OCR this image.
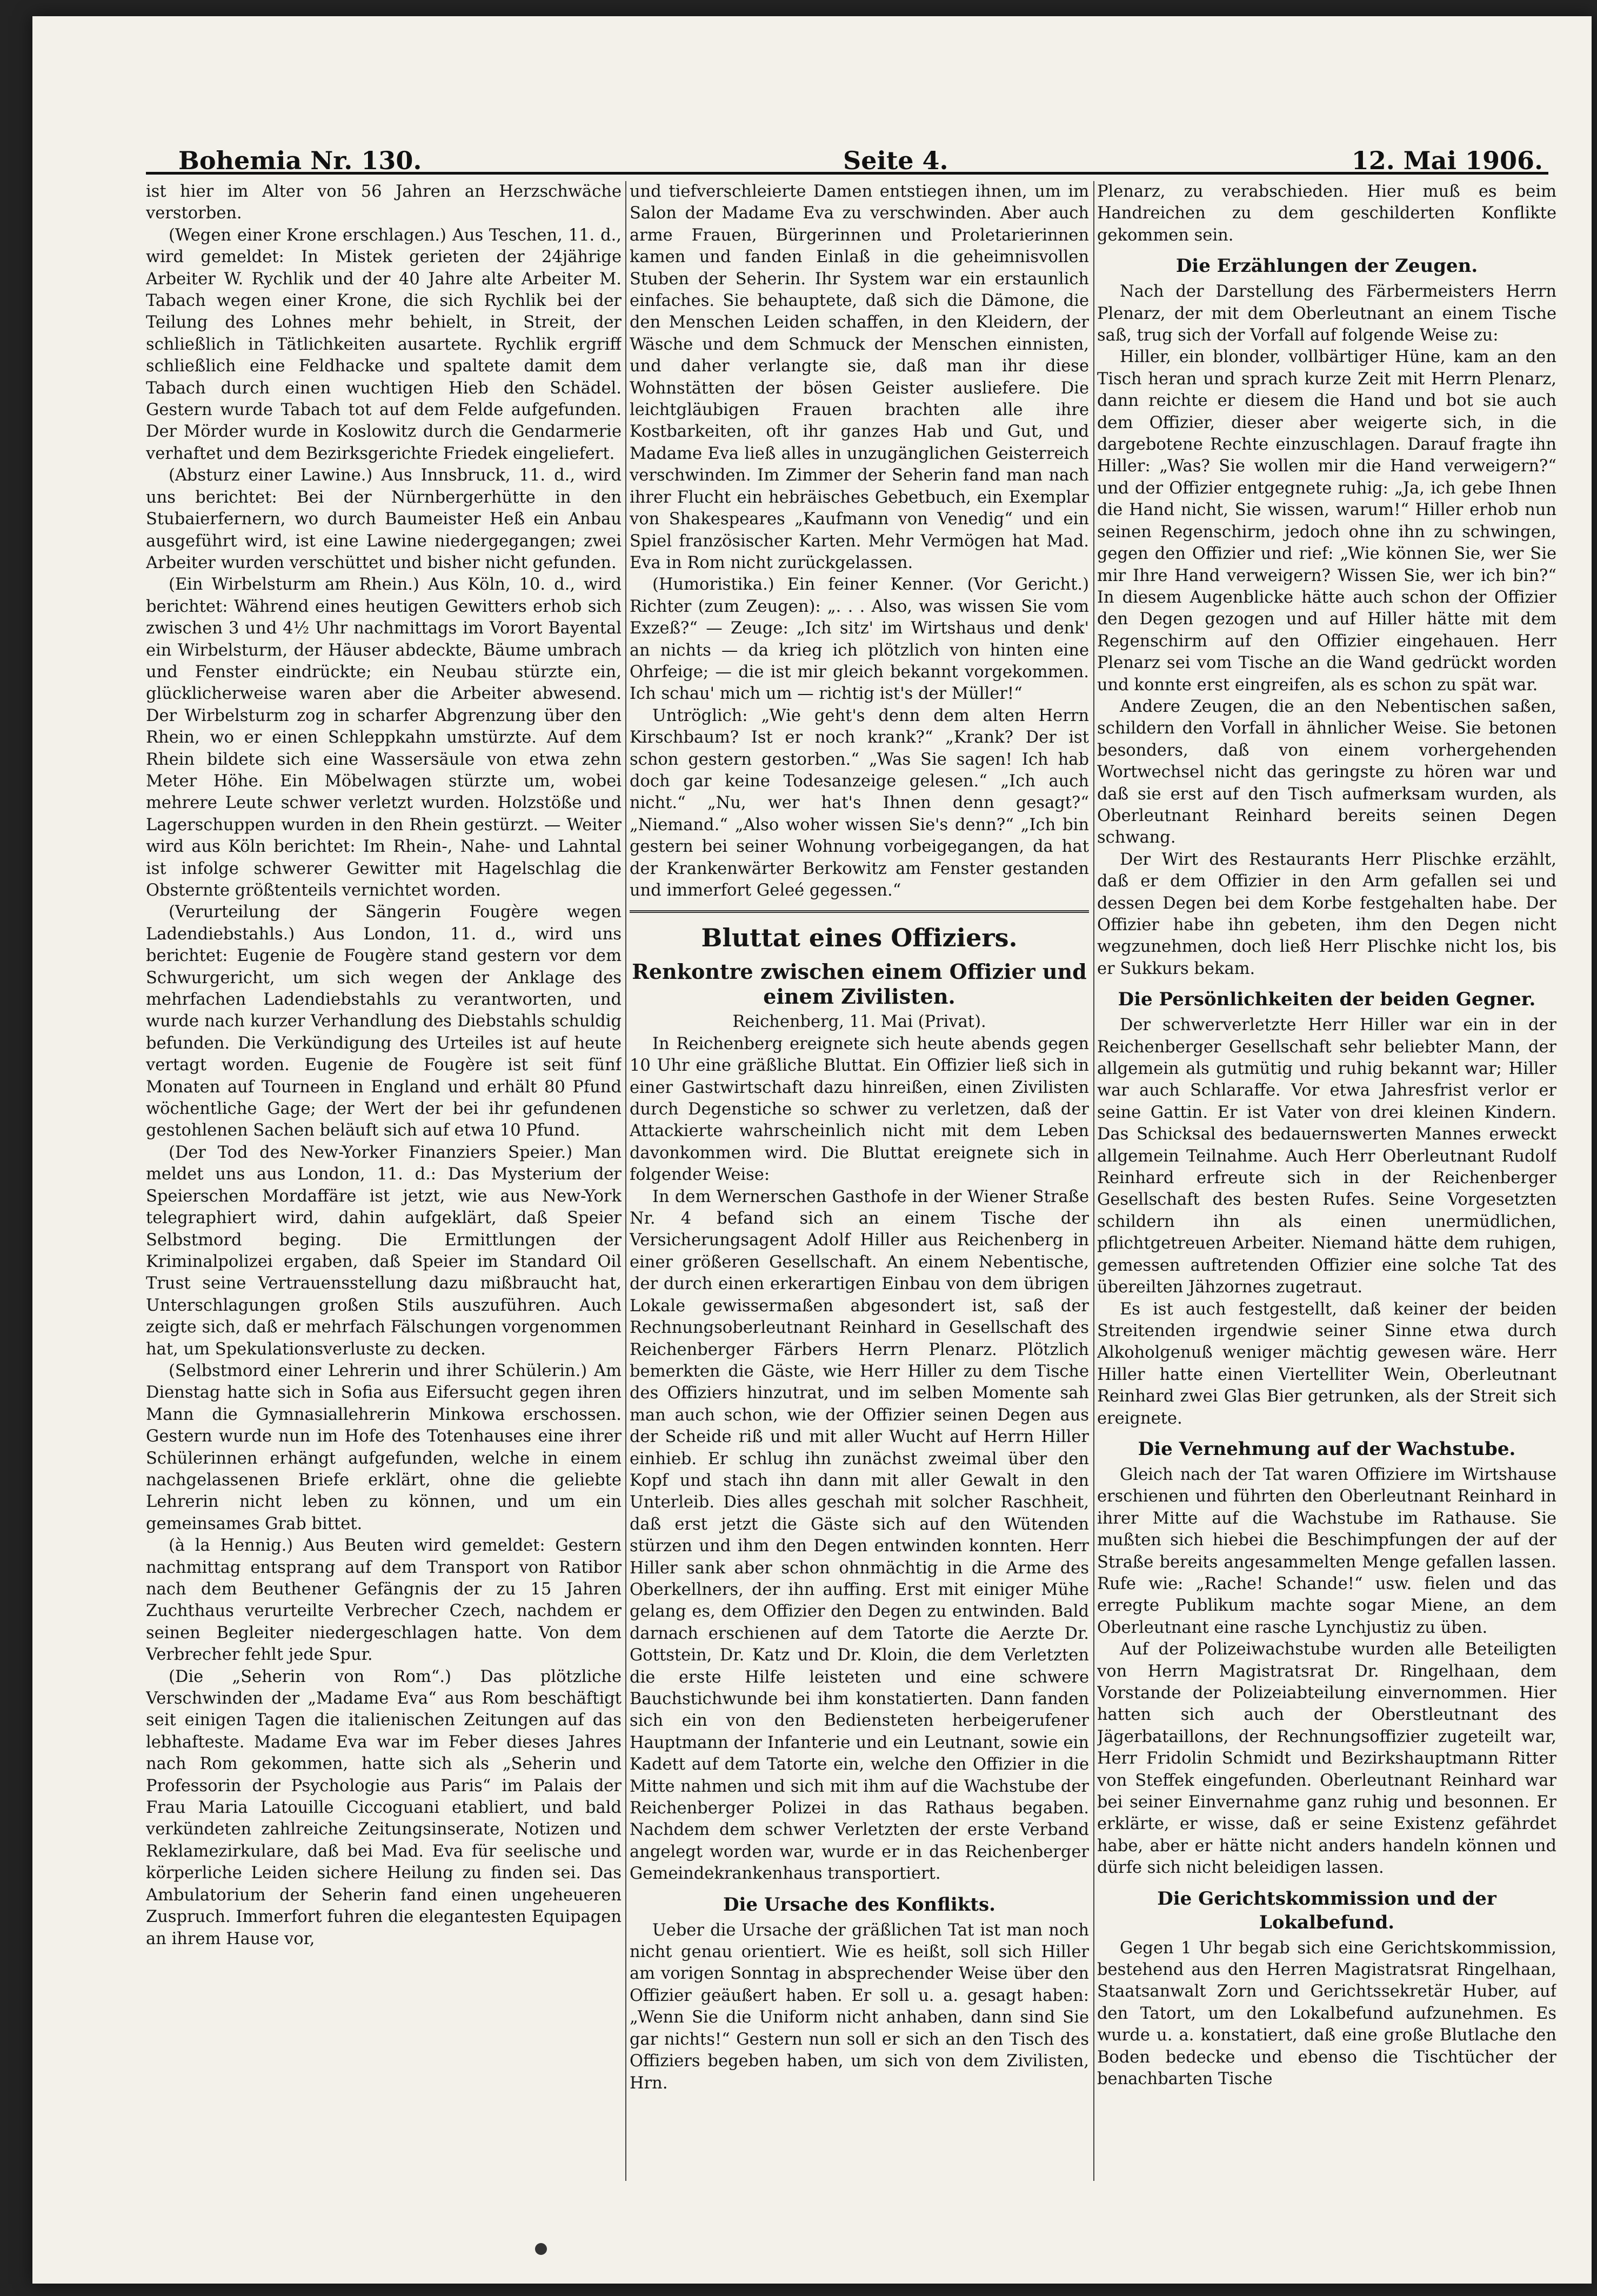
Bohemia Nr. 130.	Seite 4.	12. Mai 1906.

ist hier im Alter von 56 Jahren an Herzschwäche verstorben.

(Wegen einer Krone erschlagen.) Aus Teschen, 11. d., wird gemeldet: In Mistek gerieten der 24jährige Arbeiter W. Rychlik und der 40 Jahre alte Arbeiter M. Tabach wegen einer Krone, die sich Rychlik bei der Teilung des Lohnes mehr behielt, in Streit, der schließlich in Tätlichkeiten ausartete. Rychlik ergriff schließlich eine Feldhacke und spaltete damit dem Tabach durch einen wuchtigen Hieb den Schädel. Gestern wurde Tabach tot auf dem Felde aufgefunden. Der Mörder wurde in Koslowitz durch die Gendarmerie verhaftet und dem Bezirksgerichte Friedek eingeliefert.

(Absturz einer Lawine.) Aus Innsbruck, 11. d., wird uns berichtet: Bei der Nürnbergerhütte in den Stubaierfernern, wo durch Baumeister Heß ein Anbau ausgeführt wird, ist eine Lawine niedergegangen; zwei Arbeiter wurden verschüttet und bisher nicht gefunden.

(Ein Wirbelsturm am Rhein.) Aus Köln, 10. d., wird berichtet: Während eines heutigen Gewitters erhob sich zwischen 3 und 4½ Uhr nachmittags im Vorort Bayental ein Wirbelsturm, der Häuser abdeckte, Bäume umbrach und Fenster eindrückte; ein Neubau stürzte ein, glücklicherweise waren aber die Arbeiter abwesend. Der Wirbelsturm zog in scharfer Abgrenzung über den Rhein, wo er einen Schleppkahn umstürzte. Auf dem Rhein bildete sich eine Wassersäule von etwa zehn Meter Höhe. Ein Möbelwagen stürzte um, wobei mehrere Leute schwer verletzt wurden. Holzstöße und Lagerschuppen wurden in den Rhein gestürzt. — Weiter wird aus Köln berichtet: Im Rhein-, Nahe- und Lahntal ist infolge schwerer Gewitter mit Hagelschlag die Obsternte größtenteils vernichtet worden.

(Verurteilung der Sängerin Fougère wegen Ladendiebstahls.) Aus London, 11. d., wird uns berichtet: Eugenie de Fougère stand gestern vor dem Schwurgericht, um sich wegen der Anklage des mehrfachen Ladendiebstahls zu verantworten, und wurde nach kurzer Verhandlung des Diebstahls schuldig befunden. Die Verkündigung des Urteiles ist auf heute vertagt worden. Eugenie de Fougère ist seit fünf Monaten auf Tourneen in England und erhält 80 Pfund wöchentliche Gage; der Wert der bei ihr gefundenen gestohlenen Sachen beläuft sich auf etwa 10 Pfund.

(Der Tod des New-Yorker Finanziers Speier.) Man meldet uns aus London, 11. d.: Das Mysterium der Speierschen Mordaffäre ist jetzt, wie aus New-York telegraphiert wird, dahin aufgeklärt, daß Speier Selbstmord beging. Die Ermittlungen der Kriminalpolizei ergaben, daß Speier im Standard Oil Trust seine Vertrauensstellung dazu mißbraucht hat, Unterschlagungen großen Stils auszuführen. Auch zeigte sich, daß er mehrfach Fälschungen vorgenommen hat, um Spekulationsverluste zu decken.

(Selbstmord einer Lehrerin und ihrer Schülerin.) Am Dienstag hatte sich in Sofia aus Eifersucht gegen ihren Mann die Gymnasiallehrerin Minkowa erschossen. Gestern wurde nun im Hofe des Totenhauses eine ihrer Schülerinnen erhängt aufgefunden, welche in einem nachgelassenen Briefe erklärt, ohne die geliebte Lehrerin nicht leben zu können, und um ein gemeinsames Grab bittet.

(à la Hennig.) Aus Beuten wird gemeldet: Gestern nachmittag entsprang auf dem Transport von Ratibor nach dem Beuthener Gefängnis der zu 15 Jahren Zuchthaus verurteilte Verbrecher Czech, nachdem er seinen Begleiter niedergeschlagen hatte. Von dem Verbrecher fehlt jede Spur.

(Die „Seherin von Rom“.) Das plötzliche Verschwinden der „Madame Eva“ aus Rom beschäftigt seit einigen Tagen die italienischen Zeitungen auf das lebhafteste. Madame Eva war im Feber dieses Jahres nach Rom gekommen, hatte sich als „Seherin und Professorin der Psychologie aus Paris“ im Palais der Frau Maria Latouille Ciccoguani etabliert, und bald verkündeten zahlreiche Zeitungsinserate, Notizen und Reklamezirkulare, daß bei Mad. Eva für seelische und körperliche Leiden sichere Heilung zu finden sei. Das Ambulatorium der Seherin fand einen ungeheueren Zuspruch. Immerfort fuhren die elegantesten Equipagen an ihrem Hause vor,

und tiefverschleierte Damen entstiegen ihnen, um im Salon der Madame Eva zu verschwinden. Aber auch arme Frauen, Bürgerinnen und Proletarierinnen kamen und fanden Einlaß in die geheimnisvollen Stuben der Seherin. Ihr System war ein erstaunlich einfaches. Sie behauptete, daß sich die Dämone, die den Menschen Leiden schaffen, in den Kleidern, der Wäsche und dem Schmuck der Menschen einnisten, und daher verlangte sie, daß man ihr diese Wohnstätten der bösen Geister ausliefere. Die leichtgläubigen Frauen brachten alle ihre Kostbarkeiten, oft ihr ganzes Hab und Gut, und Madame Eva ließ alles in unzugänglichen Geisterreich verschwinden. Im Zimmer der Seherin fand man nach ihrer Flucht ein hebräisches Gebetbuch, ein Exemplar von Shakespeares „Kaufmann von Venedig“ und ein Spiel französischer Karten. Mehr Vermögen hat Mad. Eva in Rom nicht zurückgelassen.

(Humoristika.) Ein feiner Kenner. (Vor Gericht.) Richter (zum Zeugen): „. . . Also, was wissen Sie vom Exzeß?“ — Zeuge: „Ich sitz' im Wirtshaus und denk' an nichts — da krieg ich plötzlich von hinten eine Ohrfeige; — die ist mir gleich bekannt vorgekommen. Ich schau' mich um — richtig ist's der Müller!“

Untröglich: „Wie geht's denn dem alten Herrn Kirschbaum? Ist er noch krank?“ „Krank? Der ist schon gestern gestorben.“ „Was Sie sagen! Ich hab doch gar keine Todesanzeige gelesen.“ „Ich auch nicht.“ „Nu, wer hat's Ihnen denn gesagt?“ „Niemand.“ „Also woher wissen Sie's denn?“ „Ich bin gestern bei seiner Wohnung vorbeigegangen, da hat der Krankenwärter Berkowitz am Fenster gestanden und immerfort Geleé gegessen.“

Bluttat eines Offiziers.
Renkontre zwischen einem Offizier und einem Zivilisten.

Reichenberg, 11. Mai (Privat).

In Reichenberg ereignete sich heute abends gegen 10 Uhr eine gräßliche Bluttat. Ein Offizier ließ sich in einer Gastwirtschaft dazu hinreißen, einen Zivilisten durch Degenstiche so schwer zu verletzen, daß der Attackierte wahrscheinlich nicht mit dem Leben davonkommen wird. Die Bluttat ereignete sich in folgender Weise:

In dem Wernerschen Gasthofe in der Wiener Straße Nr. 4 befand sich an einem Tische der Versicherungsagent Adolf Hiller aus Reichenberg in einer größeren Gesellschaft. An einem Nebentische, der durch einen erkerartigen Einbau von dem übrigen Lokale gewissermaßen abgesondert ist, saß der Rechnungsoberleutnant Reinhard in Gesellschaft des Reichenberger Färbers Herrn Plenarz. Plötzlich bemerkten die Gäste, wie Herr Hiller zu dem Tische des Offiziers hinzutrat, und im selben Momente sah man auch schon, wie der Offizier seinen Degen aus der Scheide riß und mit aller Wucht auf Herrn Hiller einhieb. Er schlug ihn zunächst zweimal über den Kopf und stach ihn dann mit aller Gewalt in den Unterleib. Dies alles geschah mit solcher Raschheit, daß erst jetzt die Gäste sich auf den Wütenden stürzen und ihm den Degen entwinden konnten. Herr Hiller sank aber schon ohnmächtig in die Arme des Oberkellners, der ihn auffing. Erst mit einiger Mühe gelang es, dem Offizier den Degen zu entwinden. Bald darnach erschienen auf dem Tatorte die Aerzte Dr. Gottstein, Dr. Katz und Dr. Kloin, die dem Verletzten die erste Hilfe leisteten und eine schwere Bauchstichwunde bei ihm konstatierten. Dann fanden sich ein von den Bediensteten herbeigerufener Hauptmann der Infanterie und ein Leutnant, sowie ein Kadett auf dem Tatorte ein, welche den Offizier in die Mitte nahmen und sich mit ihm auf die Wachstube der Reichenberger Polizei in das Rathaus begaben. Nachdem dem schwer Verletzten der erste Verband angelegt worden war, wurde er in das Reichenberger Gemeindekrankenhaus transportiert.

Die Ursache des Konflikts.

Ueber die Ursache der gräßlichen Tat ist man noch nicht genau orientiert. Wie es heißt, soll sich Hiller am vorigen Sonntag in absprechender Weise über den Offizier geäußert haben. Er soll u. a. gesagt haben: „Wenn Sie die Uniform nicht anhaben, dann sind Sie gar nichts!“ Gestern nun soll er sich an den Tisch des Offiziers begeben haben, um sich von dem Zivilisten, Hrn.

Plenarz, zu verabschieden. Hier muß es beim Handreichen zu dem geschilderten Konflikte gekommen sein.

Die Erzählungen der Zeugen.

Nach der Darstellung des Färbermeisters Herrn Plenarz, der mit dem Oberleutnant an einem Tische saß, trug sich der Vorfall auf folgende Weise zu:

Hiller, ein blonder, vollbärtiger Hüne, kam an den Tisch heran und sprach kurze Zeit mit Herrn Plenarz, dann reichte er diesem die Hand und bot sie auch dem Offizier, dieser aber weigerte sich, in die dargebotene Rechte einzuschlagen. Darauf fragte ihn Hiller: „Was? Sie wollen mir die Hand verweigern?“ und der Offizier entgegnete ruhig: „Ja, ich gebe Ihnen die Hand nicht, Sie wissen, warum!“ Hiller erhob nun seinen Regenschirm, jedoch ohne ihn zu schwingen, gegen den Offizier und rief: „Wie können Sie, wer Sie mir Ihre Hand verweigern? Wissen Sie, wer ich bin?“ In diesem Augenblicke hätte auch schon der Offizier den Degen gezogen und auf Hiller hätte mit dem Regenschirm auf den Offizier eingehauen. Herr Plenarz sei vom Tische an die Wand gedrückt worden und konnte erst eingreifen, als es schon zu spät war.

Andere Zeugen, die an den Nebentischen saßen, schildern den Vorfall in ähnlicher Weise. Sie betonen besonders, daß von einem vorhergehenden Wortwechsel nicht das geringste zu hören war und daß sie erst auf den Tisch aufmerksam wurden, als Oberleutnant Reinhard bereits seinen Degen schwang.

Der Wirt des Restaurants Herr Plischke erzählt, daß er dem Offizier in den Arm gefallen sei und dessen Degen bei dem Korbe festgehalten habe. Der Offizier habe ihn gebeten, ihm den Degen nicht wegzunehmen, doch ließ Herr Plischke nicht los, bis er Sukkurs bekam.

Die Persönlichkeiten der beiden Gegner.

Der schwerverletzte Herr Hiller war ein in der Reichenberger Gesellschaft sehr beliebter Mann, der allgemein als gutmütig und ruhig bekannt war; Hiller war auch Schlaraffe. Vor etwa Jahresfrist verlor er seine Gattin. Er ist Vater von drei kleinen Kindern. Das Schicksal des bedauernswerten Mannes erweckt allgemein Teilnahme. Auch Herr Oberleutnant Rudolf Reinhard erfreute sich in der Reichenberger Gesellschaft des besten Rufes. Seine Vorgesetzten schildern ihn als einen unermüdlichen, pflichtgetreuen Arbeiter. Niemand hätte dem ruhigen, gemessen auftretenden Offizier eine solche Tat des übereilten Jähzornes zugetraut.

Es ist auch festgestellt, daß keiner der beiden Streitenden irgendwie seiner Sinne etwa durch Alkoholgenuß weniger mächtig gewesen wäre. Herr Hiller hatte einen Viertelliter Wein, Oberleutnant Reinhard zwei Glas Bier getrunken, als der Streit sich ereignete.

Die Vernehmung auf der Wachstube.

Gleich nach der Tat waren Offiziere im Wirtshause erschienen und führten den Oberleutnant Reinhard in ihrer Mitte auf die Wachstube im Rathause. Sie mußten sich hiebei die Beschimpfungen der auf der Straße bereits angesammelten Menge gefallen lassen. Rufe wie: „Rache! Schande!“ usw. fielen und das erregte Publikum machte sogar Miene, an dem Oberleutnant eine rasche Lynchjustiz zu üben.

Auf der Polizeiwachstube wurden alle Beteiligten von Herrn Magistratsrat Dr. Ringelhaan, dem Vorstande der Polizeiabteilung einvernommen. Hier hatten sich auch der Oberstleutnant des Jägerbataillons, der Rechnungsoffizier zugeteilt war, Herr Fridolin Schmidt und Bezirkshauptmann Ritter von Steffek eingefunden. Oberleutnant Reinhard war bei seiner Einvernahme ganz ruhig und besonnen. Er erklärte, er wisse, daß er seine Existenz gefährdet habe, aber er hätte nicht anders handeln können und dürfe sich nicht beleidigen lassen.

Die Gerichtskommission und der Lokalbefund.

Gegen 1 Uhr begab sich eine Gerichtskommission, bestehend aus den Herren Magistratsrat Ringelhaan, Staatsanwalt Zorn und Gerichtssekretär Huber, auf den Tatort, um den Lokalbefund aufzunehmen. Es wurde u. a. konstatiert, daß eine große Blutlache den Boden bedecke und ebenso die Tischtücher der benachbarten Tische
